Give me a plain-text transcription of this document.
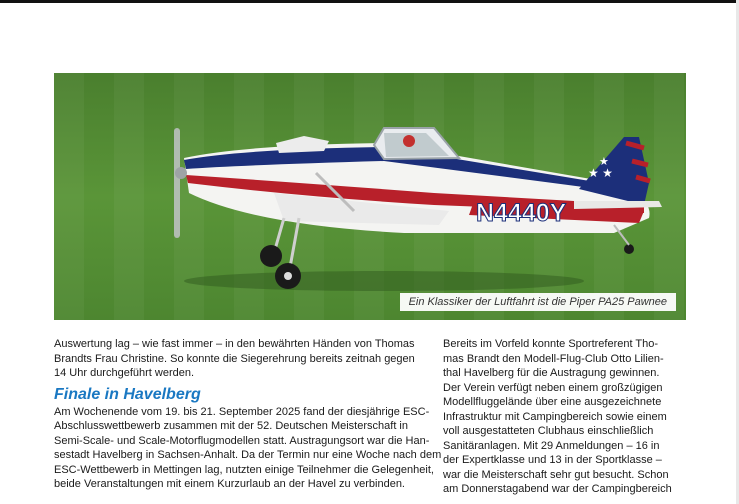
N4440Y
★ ★
★
Ein Klassiker der Luftfahrt ist die Piper PA25 Pawnee

Auswertung lag – wie fast immer – in den bewährten Händen von Thomas
Brandts Frau Christine. So konnte die Siegerehrung bereits zeitnah gegen
14 Uhr durchgeführt werden.

Finale in Havelberg

Am Wochenende vom 19. bis 21. September 2025 fand der diesjährige ESC-
Abschlusswettbewerb zusammen mit der 52. Deutschen Meisterschaft in
Semi-Scale- und Scale-Motorflugmodellen statt. Austragungsort war die Han-
sestadt Havelberg in Sachsen-Anhalt. Da der Termin nur eine Woche nach dem
ESC-Wettbewerb in Mettingen lag, nutzten einige Teilnehmer die Gelegenheit,
beide Veranstaltungen mit einem Kurzurlaub an der Havel zu verbinden.

Bereits im Vorfeld konnte Sportreferent Tho-
mas Brandt den Modell-Flug-Club Otto Lilien-
thal Havelberg für die Austragung gewinnen.
Der Verein verfügt neben einem großzügigen
Modellfluggelände über eine ausgezeichnete
Infrastruktur mit Campingbereich sowie einem
voll ausgestatteten Clubhaus einschließlich
Sanitäranlagen. Mit 29 Anmeldungen – 16 in
der Expertklasse und 13 in der Sportklasse –
war die Meisterschaft sehr gut besucht. Schon
am Donnerstagabend war der Campingbereich
